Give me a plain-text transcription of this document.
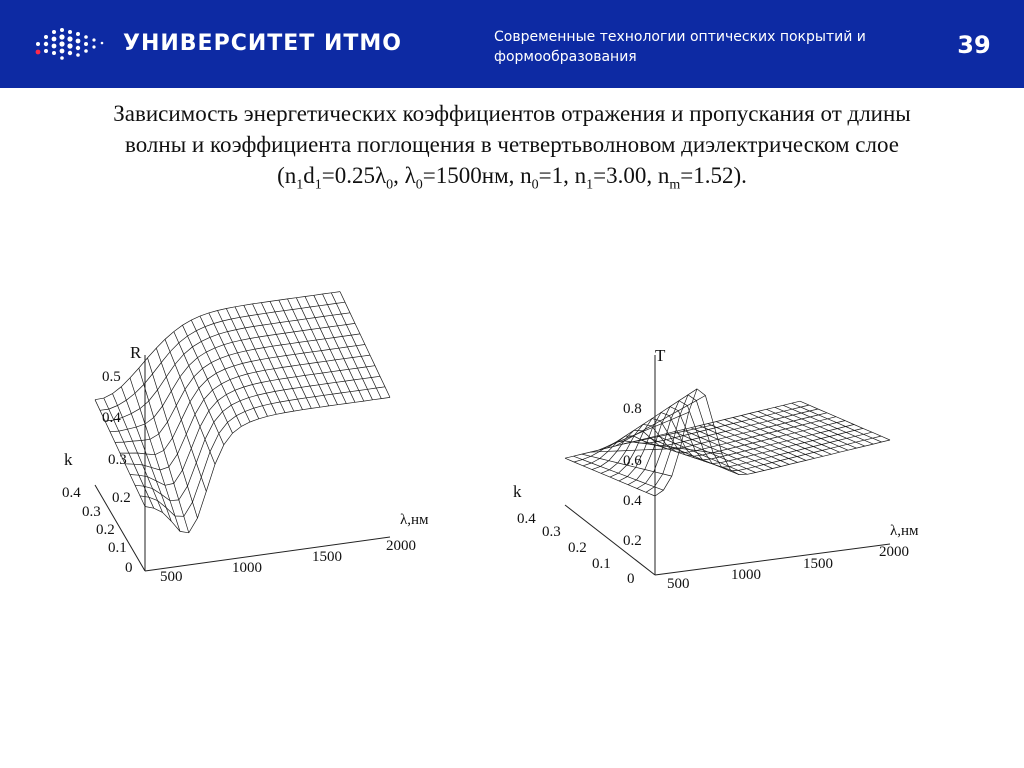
УНИВЕРСИТЕТ ИТМО	Современные технологии оптических покрытий и формообразования	39
Зависимость энергетических коэффициентов отражения и пропускания от длины
волны и коэффициента поглощения в четвертьволновом диэлектрическом слое
($n_1d_1=0.25\lambda_0$, $\lambda_0=1500нм$, $n_0=1$, $n_1=3.00$, $n_m=1.52$).
500
1000
1500
2000
λ,нм
0
0.1
0.2
0.3
0.4
k
0.2
0.3
0.4
0.5
R
500
1000
1500
2000
λ,нм
0
0.1
0.2
0.3
0.4
k
0.2
0.4
0.6
0.8
T
